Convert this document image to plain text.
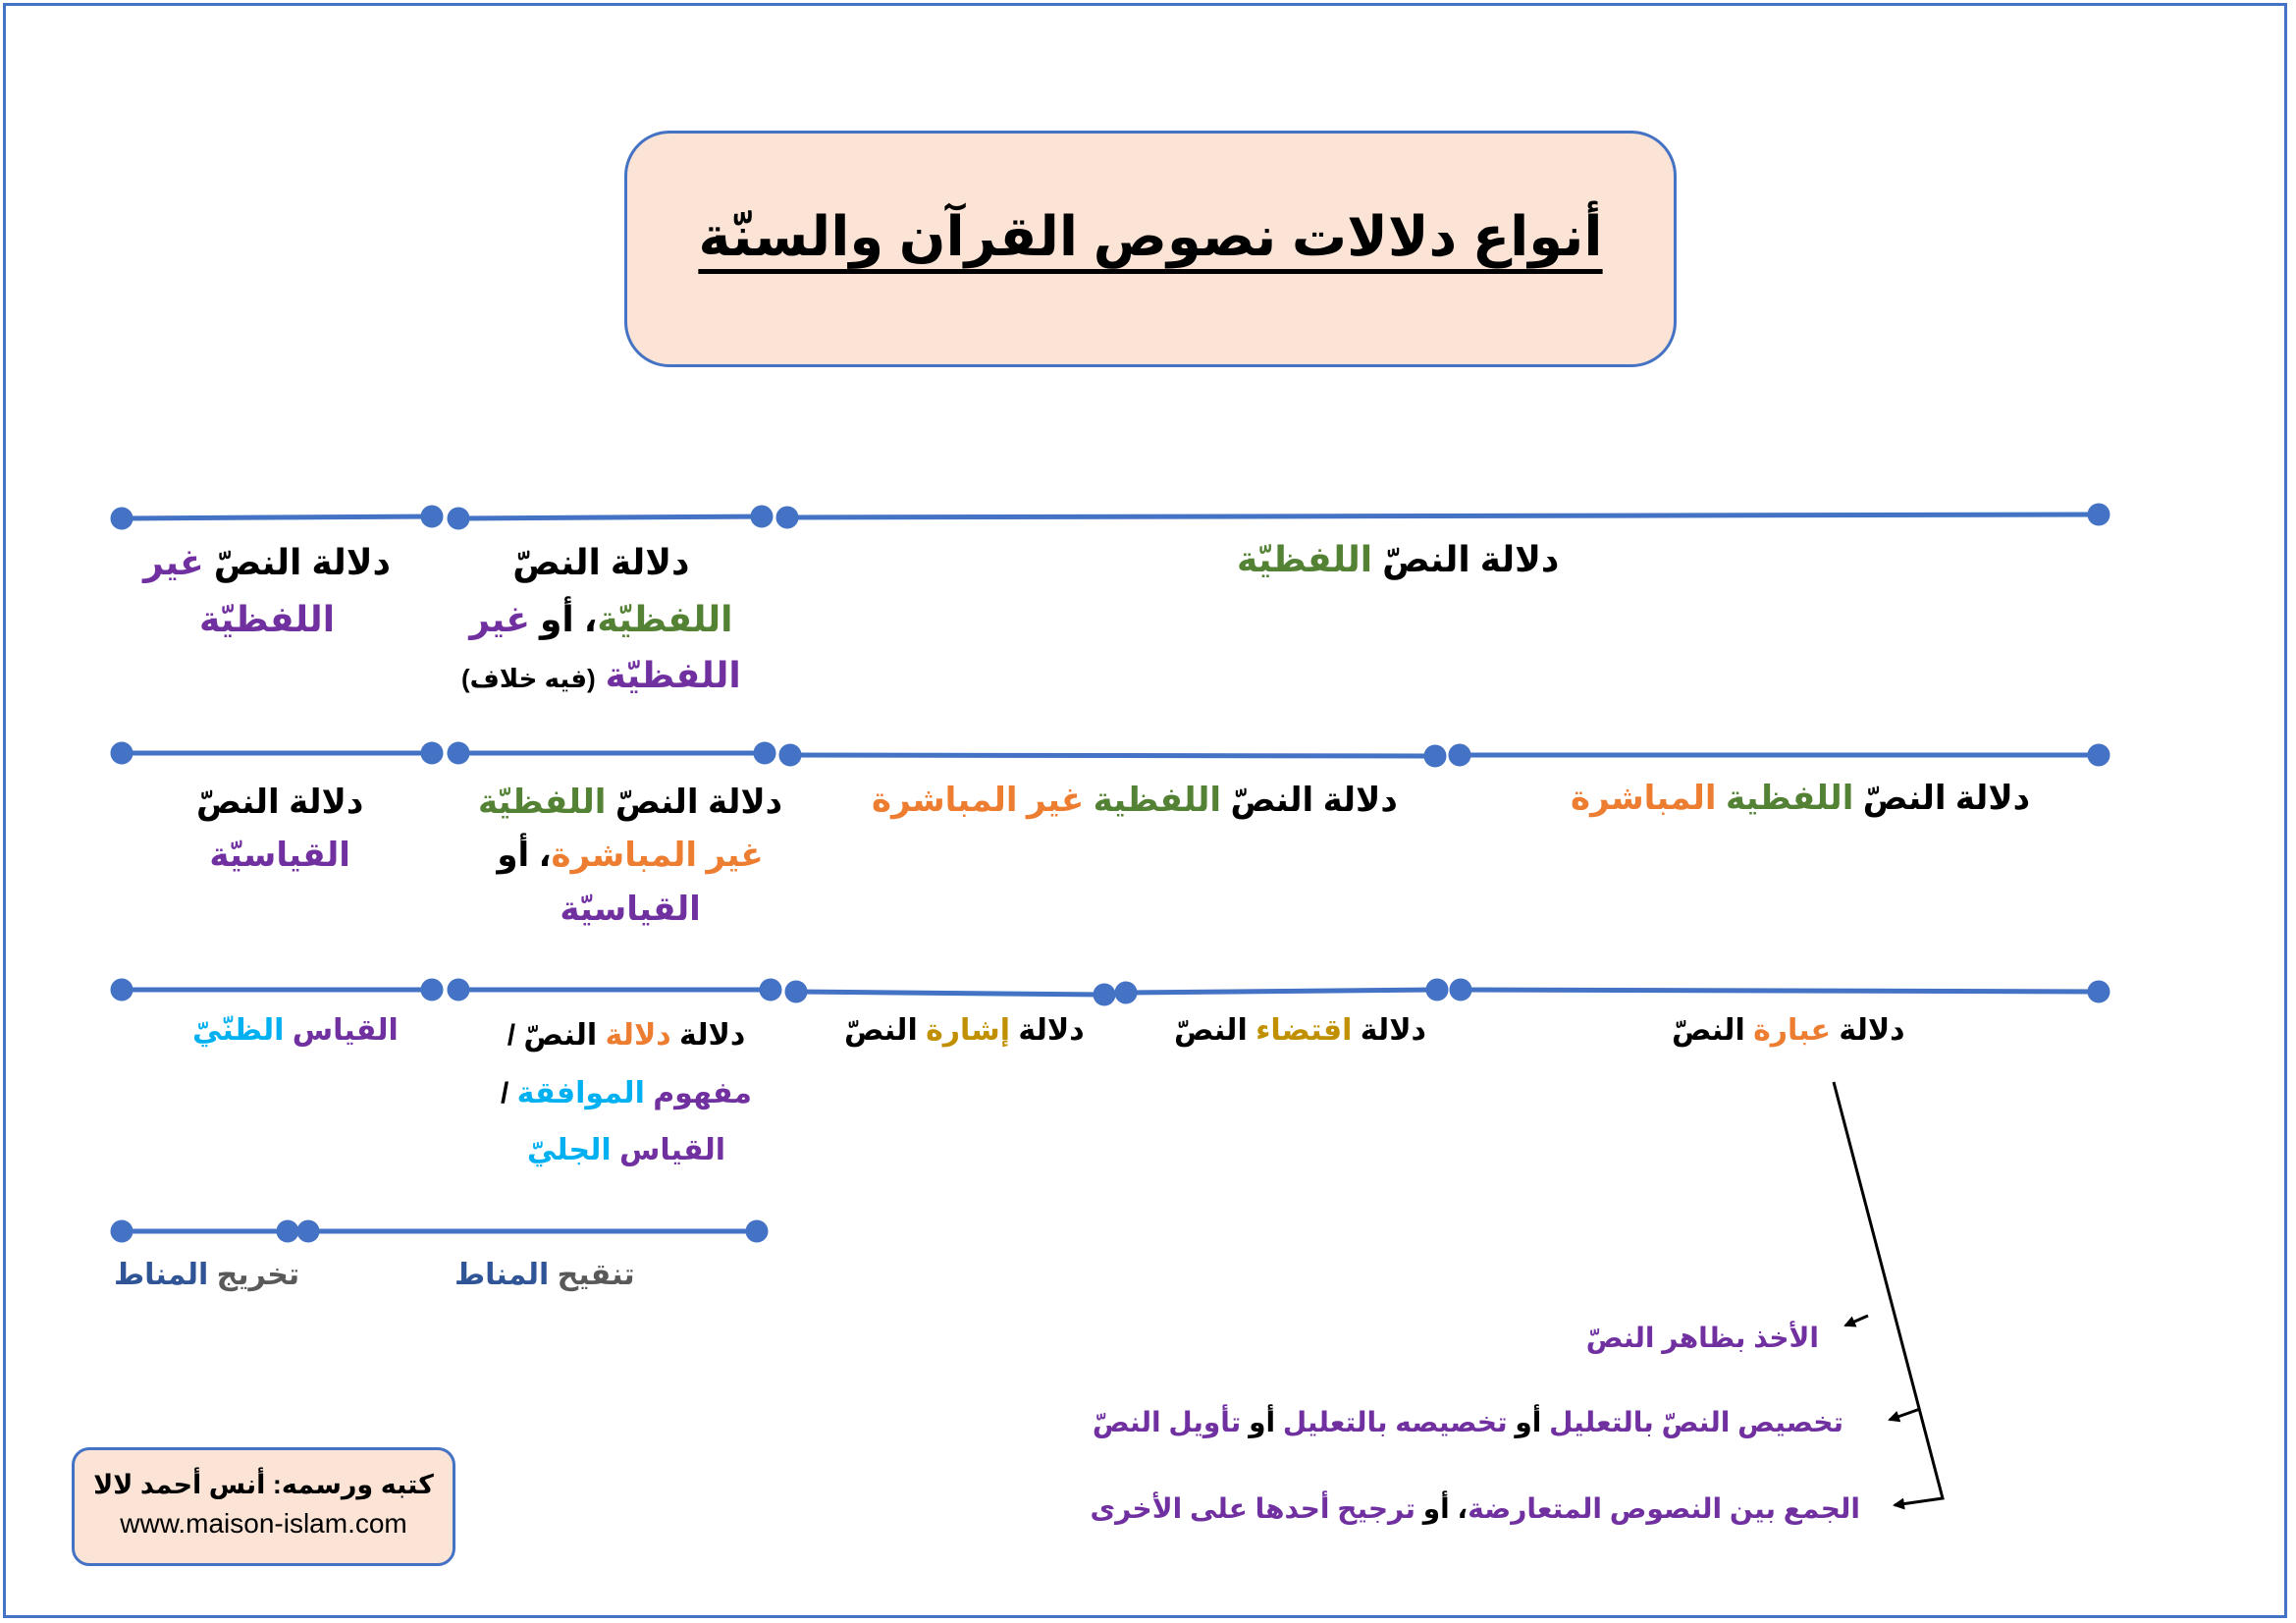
أنواع دلالات نصوص القرآن والسنّة
دلالة النصّ اللفظيّة
دلالة النصّ
اللفظيّة، أو غير
اللفظيّة (فيه خلاف)
دلالة النصّ غير
اللفظيّة
دلالة النصّ اللفظية المباشرة
دلالة النصّ اللفظية غير المباشرة
دلالة النصّ اللفظيّة
غير المباشرة، أو
القياسيّة
دلالة النصّ
القياسيّة
دلالة عبارة النصّ
دلالة اقتضاء النصّ
دلالة إشارة النصّ
دلالة دلالة النصّ /
مفهوم الموافقة /
القياس الجليّ
القياس الظنّيّ
تنقيح المناط
تخريج المناط
الأخذ بظاهر النصّ
تخصيص النصّ بالتعليل أو تخصيصه بالتعليل أو تأويل النصّ
الجمع بين النصوص المتعارضة، أو ترجيح أحدها على الأخرى
كتبه ورسمه: أنس أحمد لالا
www.maison-islam.com
